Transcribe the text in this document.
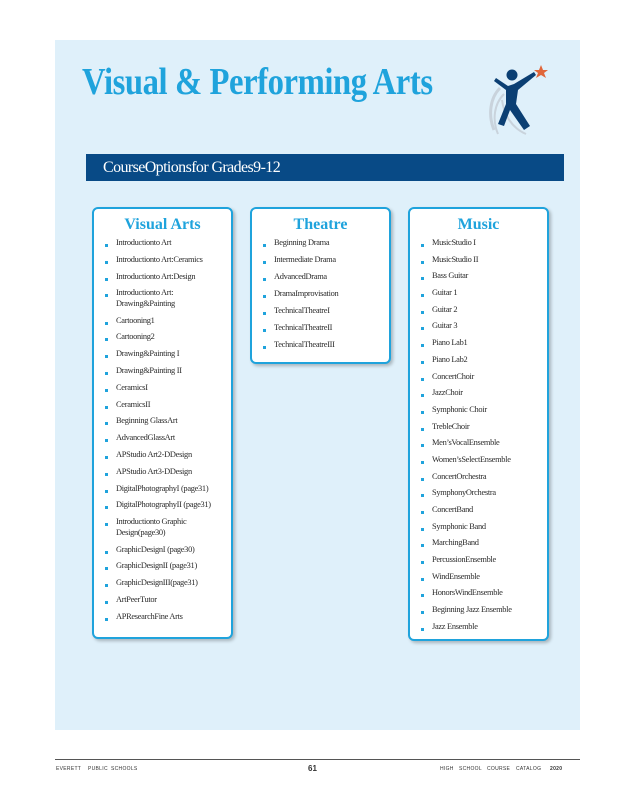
Visual & Performing Arts
CourseOptionsfor Grades9-12
Visual Arts
Introductionto Art
Introductionto Art:Ceramics
Introductionto Art:Design
Introductionto Art: Drawing&Painting
Cartooning1
Cartooning2
Drawing&Painting I
Drawing&Painting II
CeramicsI
CeramicsII
Beginning GlassArt
AdvancedGlassArt
APStudio Art2-DDesign
APStudio Art3-DDesign
DigitalPhotographyI (page31)
DigitalPhotographyII (page31)
Introductionto Graphic Design(page30)
GraphicDesignI (page30)
GraphicDesignII (page31)
GraphicDesignIII(page31)
ArtPeerTutor
APResearchFine Arts
Theatre
Beginning Drama
Intermediate Drama
AdvancedDrama
DramaImprovisation
TechnicalTheatreI
TechnicalTheatreII
TechnicalTheatreIII
Music
MusicStudio I
MusicStudio II
Bass Guitar
Guitar 1
Guitar 2
Guitar 3
Piano Lab1
Piano Lab2
ConcertChoir
JazzChoir
Symphonic Choir
TrebleChoir
Men’sVocalEnsemble
Women’sSelectEnsemble
ConcertOrchestra
SymphonyOrchestra
ConcertBand
Symphonic Band
MarchingBand
PercussionEnsemble
WindEnsemble
HonorsWindEnsemble
Beginning Jazz Ensemble
Jazz Ensemble
EVERETT PUBLIC SCHOOLS	61	HIGH SCHOOL COURSE CATALOG 2020
